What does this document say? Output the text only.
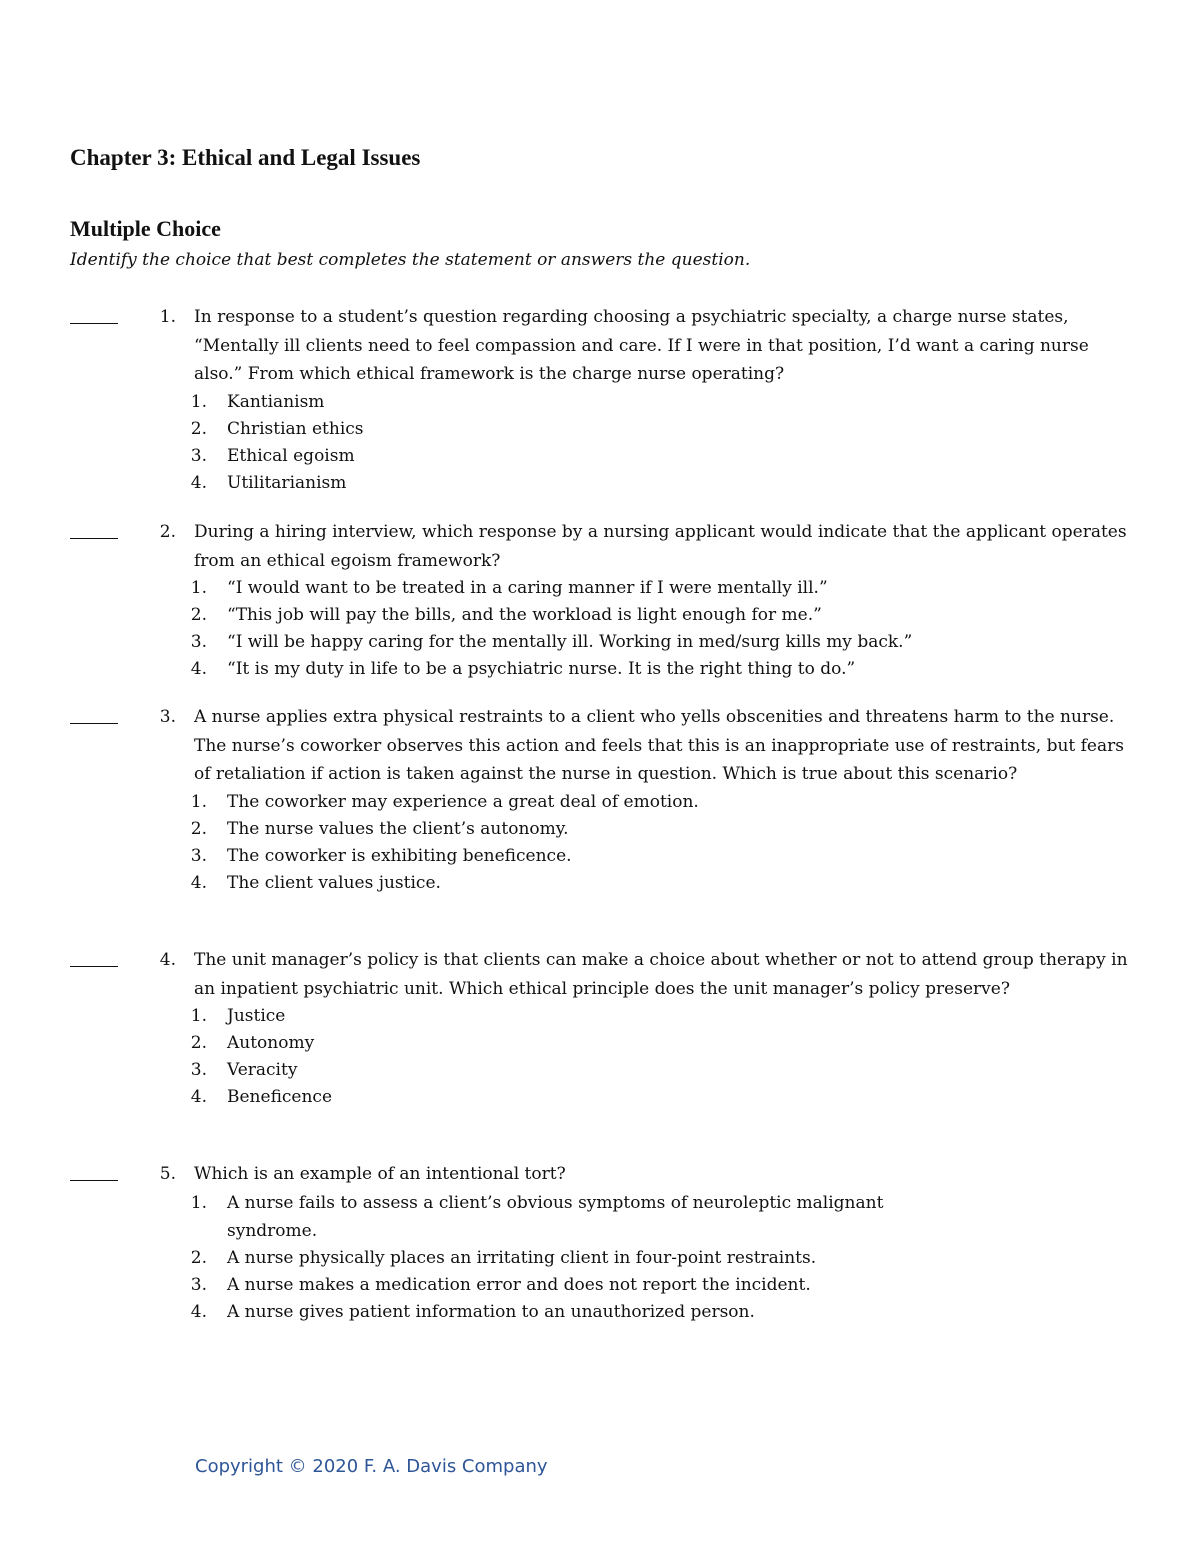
Chapter 3: Ethical and Legal Issues
Multiple Choice

Identify the choice that best completes the statement or answers the question.

1. In response to a student’s question regarding choosing a psychiatric specialty, a charge nurse states, “Mentally ill clients need to feel compassion and care. If I were in that position, I’d want a caring nurse also.” From which ethical framework is the charge nurse operating?
1. Kantianism
2. Christian ethics
3. Ethical egoism
4. Utilitarianism
2. During a hiring interview, which response by a nursing applicant would indicate that the applicant operates from an ethical egoism framework?
1. “I would want to be treated in a caring manner if I were mentally ill.”
2. “This job will pay the bills, and the workload is light enough for me.”
3. “I will be happy caring for the mentally ill. Working in med/surg kills my back.”
4. “It is my duty in life to be a psychiatric nurse. It is the right thing to do.”
3. A nurse applies extra physical restraints to a client who yells obscenities and threatens harm to the nurse. The nurse’s coworker observes this action and feels that this is an inappropriate use of restraints, but fears of retaliation if action is taken against the nurse in question. Which is true about this scenario?
1. The coworker may experience a great deal of emotion.
2. The nurse values the client’s autonomy.
3. The coworker is exhibiting beneficence.
4. The client values justice.
4. The unit manager’s policy is that clients can make a choice about whether or not to attend group therapy in an inpatient psychiatric unit. Which ethical principle does the unit manager’s policy preserve?
1. Justice
2. Autonomy
3. Veracity
4. Beneficence
5. Which is an example of an intentional tort?
1. A nurse fails to assess a client’s obvious symptoms of neuroleptic malignant syndrome.
2. A nurse physically places an irritating client in four-point restraints.
3. A nurse makes a medication error and does not report the incident.
4. A nurse gives patient information to an unauthorized person.

Copyright © 2020 F. A. Davis Company
